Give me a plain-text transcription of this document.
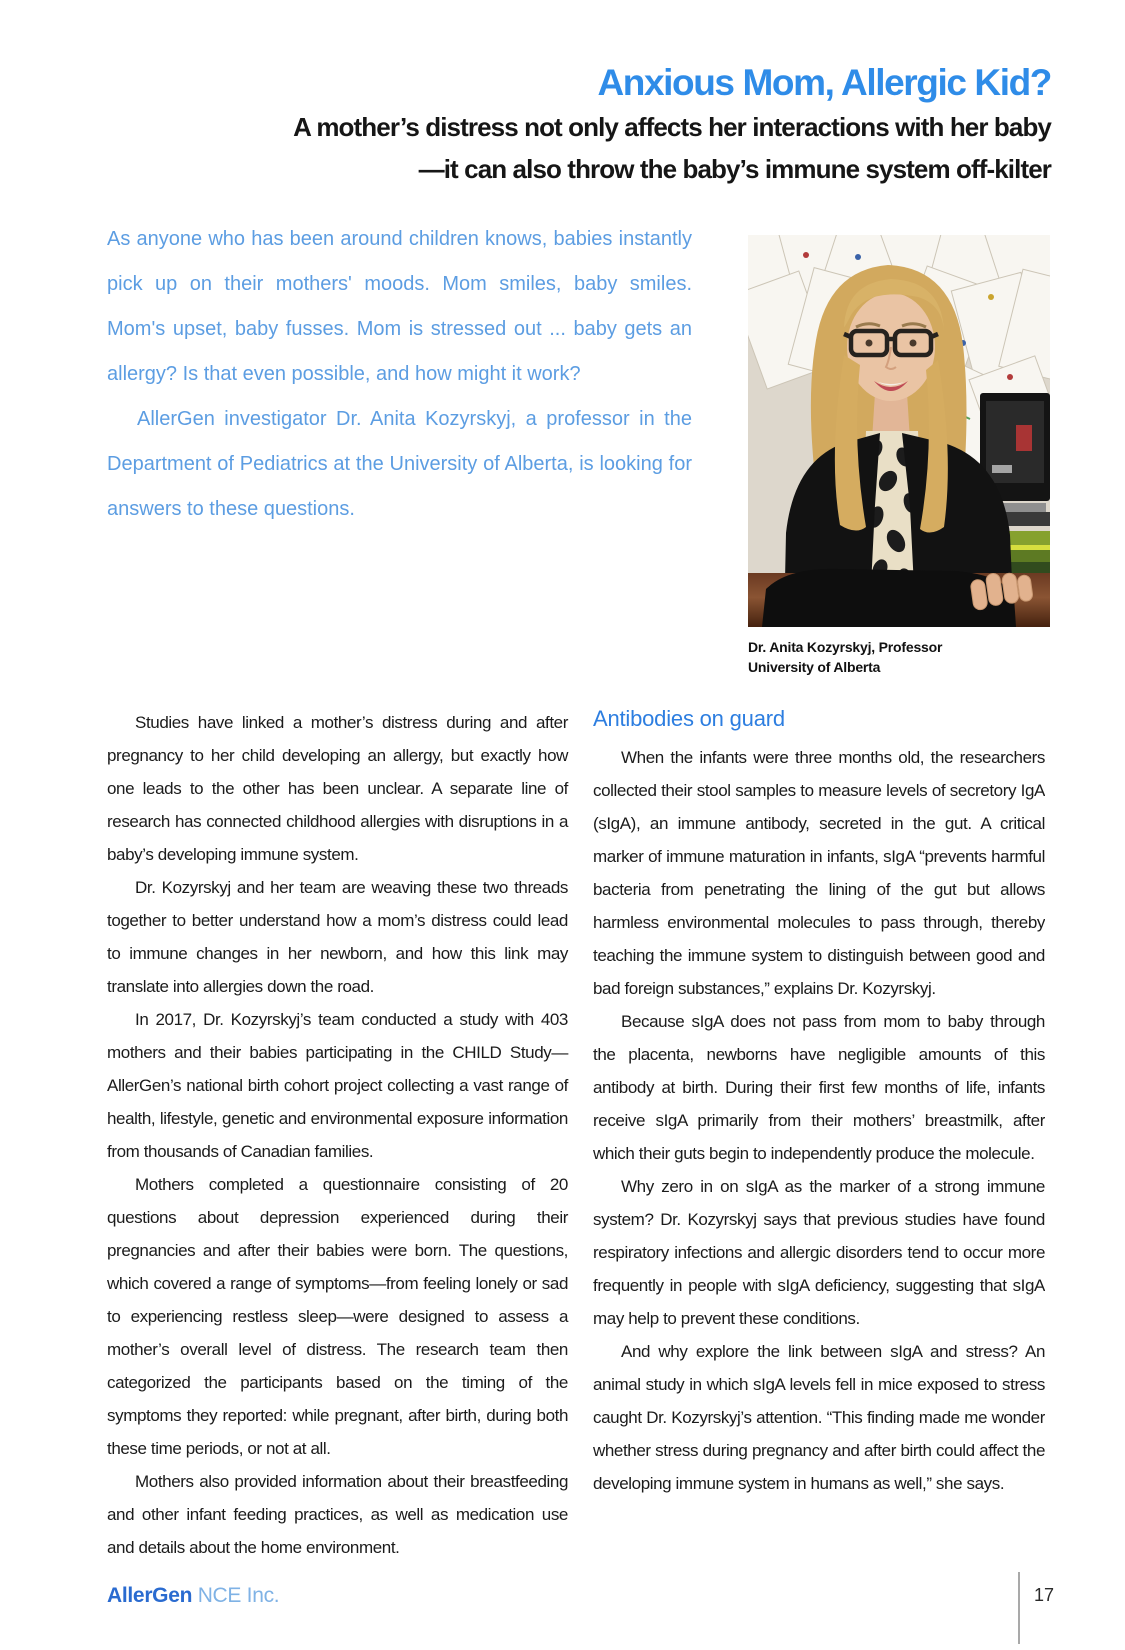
Anxious Mom, Allergic Kid?
A mother’s distress not only affects her interactions with her baby
—it can also throw the baby’s immune system off-kilter

As anyone who has been around children knows, babies instantly pick up on their mothers' moods. Mom smiles, baby smiles. Mom's upset, baby fusses. Mom is stressed out ... baby gets an allergy? Is that even possible, and how might it work?

AllerGen investigator Dr. Anita Kozyrskyj, a professor in the Department of Pediatrics at the University of Alberta, is looking for answers to these questions.

Dr. Anita Kozyrskyj, Professor
University of Alberta

Studies have linked a mother’s distress during and after pregnancy to her child developing an allergy, but exactly how one leads to the other has been unclear. A separate line of research has connected childhood allergies with disruptions in a baby’s developing immune system.

Dr. Kozyrskyj and her team are weaving these two threads together to better understand how a mom’s distress could lead to immune changes in her newborn, and how this link may translate into allergies down the road.

In 2017, Dr. Kozyrskyj’s team conducted a study with 403 mothers and their babies participating in the CHILD Study—AllerGen’s national birth cohort project collecting a vast range of health, lifestyle, genetic and environmental exposure information from thousands of Canadian families.

Mothers completed a questionnaire consisting of 20 questions about depression experienced during their pregnancies and after their babies were born. The questions, which covered a range of symptoms—from feeling lonely or sad to experiencing restless sleep—were designed to assess a mother’s overall level of distress. The research team then categorized the participants based on the timing of the symptoms they reported: while pregnant, after birth, during both these time periods, or not at all.

Mothers also provided information about their breastfeeding and other infant feeding practices, as well as medication use and details about the home environment.

Antibodies on guard

When the infants were three months old, the researchers collected their stool samples to measure levels of secretory IgA (sIgA), an immune antibody, secreted in the gut. A critical marker of immune maturation in infants, sIgA “prevents harmful bacteria from penetrating the lining of the gut but allows harmless environmental molecules to pass through, thereby teaching the immune system to distinguish between good and bad foreign substances,” explains Dr. Kozyrskyj.

Because sIgA does not pass from mom to baby through the placenta, newborns have negligible amounts of this antibody at birth. During their first few months of life, infants receive sIgA primarily from their mothers’ breastmilk, after which their guts begin to independently produce the molecule.

Why zero in on sIgA as the marker of a strong immune system? Dr. Kozyrskyj says that previous studies have found respiratory infections and allergic disorders tend to occur more frequently in people with sIgA deficiency, suggesting that sIgA may help to prevent these conditions.

And why explore the link between sIgA and stress? An animal study in which sIgA levels fell in mice exposed to stress caught Dr. Kozyrskyj’s attention. “This finding made me wonder whether stress during pregnancy and after birth could affect the developing immune system in humans as well,” she says.

AllerGen NCE Inc.	17
